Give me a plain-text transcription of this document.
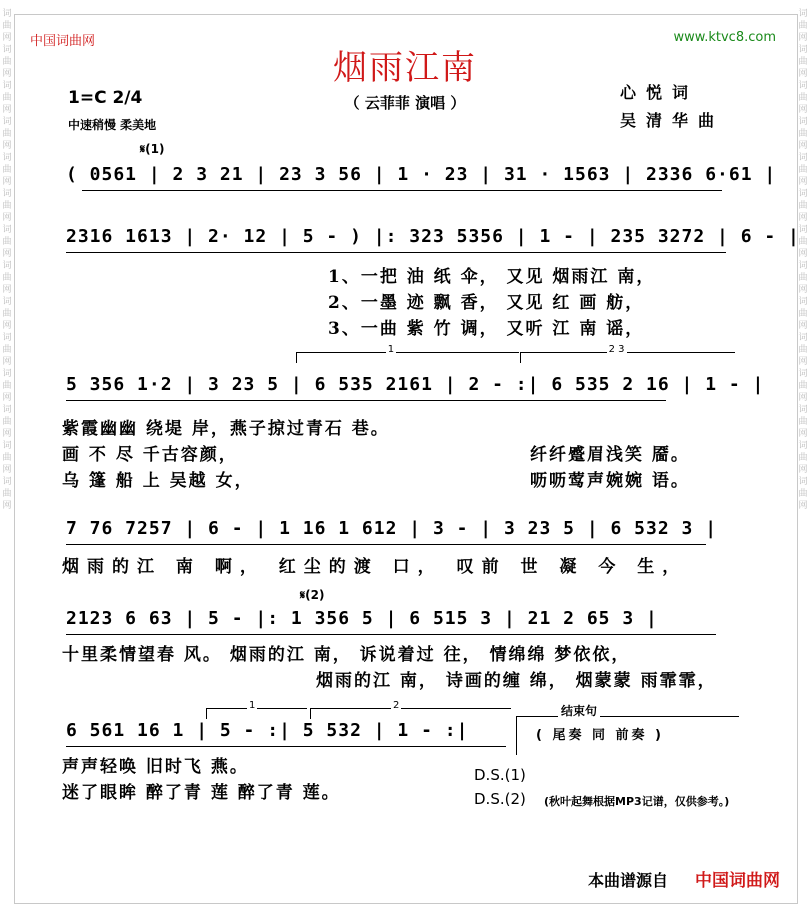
词曲网词曲网词曲网词曲网词曲网词曲网词曲网词曲网词曲网词曲网词曲网词曲网词曲网词曲网
词曲网词曲网词曲网词曲网词曲网词曲网词曲网词曲网词曲网词曲网词曲网词曲网词曲网词曲网
中国词曲网	www.ktvc8.com
烟雨江南
（ 云菲菲 演唱 ）
1=C 2/4
中速稍慢 柔美地
心悦词
吴清华曲
𝄋(1)
( 0561 | 2 3 21 | 23 3 56 | 1 · 23 | 31 · 1563 | 2336 6·61 |
2316 1613 | 2· 12 | 5 - ) |: 323 5356 | 1 - | 235 3272 | 6 - |
1、一把 油 纸 伞， 又见 烟雨江 南，
2、一墨 迹 飘 香， 又见 红 画 舫，
3、一曲 紫 竹 调， 又听 江 南 谣，
1	2 3
5 356 1·2 | 3 23 5 | 6 535 2161 | 2 - :| 6 535 2 16 | 1 - |
紫霞幽幽 绕堤 岸，燕子掠过青石 巷。
画 不 尽 千古容颜，
乌 篷 船 上 吴越 女，
纤纤蹙眉浅笑 靥。
呖呖莺声婉婉 语。
7 76 7257 | 6 - | 1 16 1 612 | 3 - | 3 23 5 | 6 532 3 |
烟雨的江 南 啊， 红尘的渡 口， 叹前 世 凝 今 生，
𝄋(2)
2123 6 63 | 5 - |: 1 356 5 | 6 515 3 | 21 2 65 3 |
十里柔情望春 风。 烟雨的江 南， 诉说着过 往， 情绵绵 梦依依，
烟雨的江 南， 诗画的缠 绵， 烟蒙蒙 雨霏霏，
1	2	结束句
6 561 16 1 | 5 - :| 5 532 | 1 - :|	( 尾奏 同 前奏 )
声声轻唤 旧时飞 燕。
迷了眼眸 醉了青 莲 醉了青 莲。
D.S.(1)
D.S.(2) (秋叶起舞根据MP3记谱，仅供参考。)
本曲谱源自 中国词曲网
